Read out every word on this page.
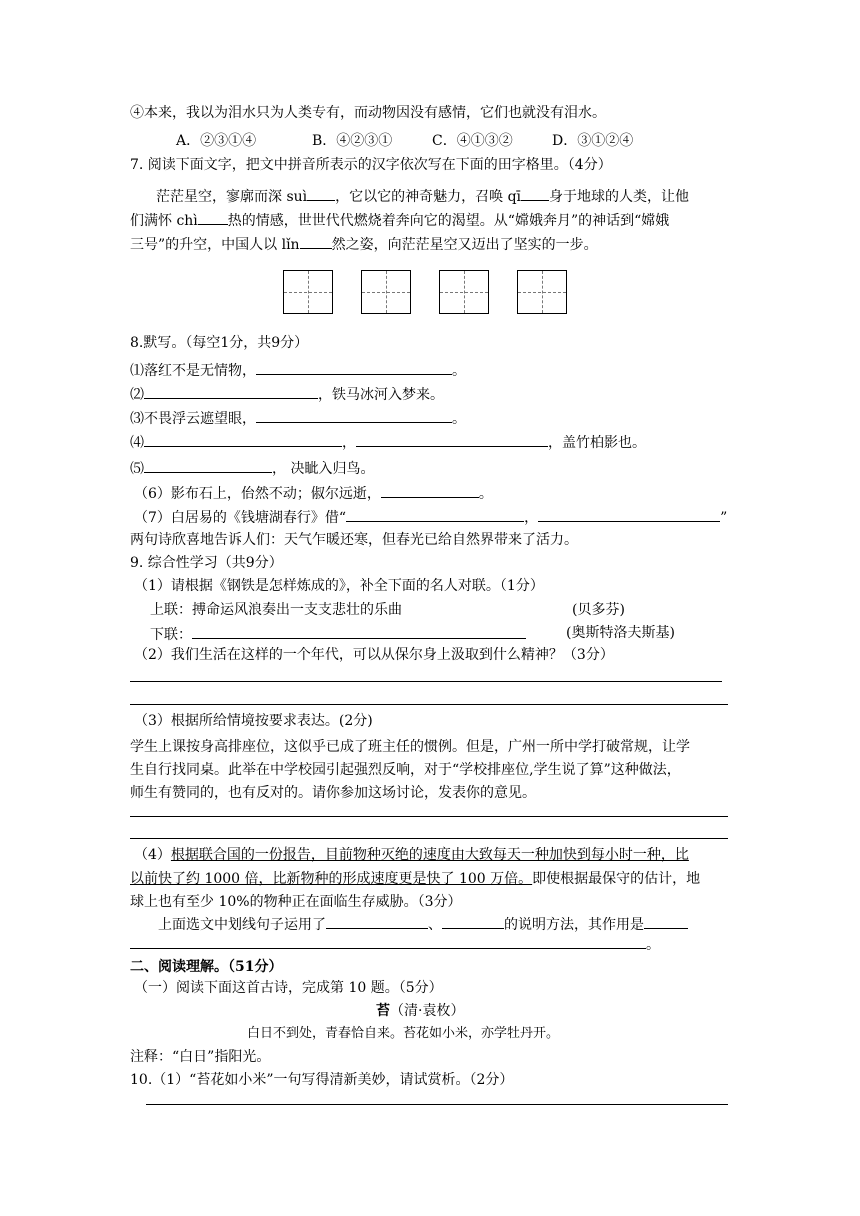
④本来，我以为泪水只为人类专有，而动物因没有感情，它们也就没有泪水。
A．②③①④	B．④②③①	C．④①③②	D．③①②④
7. 阅读下面文字，把文中拼音所表示的汉字依次写在下面的田字格里。（4分）
茫茫星空，寥廓而深 suì ，它以它的神奇魅力，召唤 qī 身于地球的人类，让他
们满怀 chì 热的情感，世世代代燃烧着奔向它的渴望。从“嫦娥奔月”的神话到“嫦娥
三号”的升空，中国人以 lǐn 然之姿，向茫茫星空又迈出了坚实的一步。
8.默写。（每空1分，共9分）
⑴落红不是无情物，	。
⑵	，铁马冰河入梦来。
⑶不畏浮云遮望眼，	。
⑷	，	，盖竹柏影也。
⑸	， 决眦入归鸟。
（6）影布石上，佁然不动；俶尔远逝，	。
（7）白居易的《钱塘湖春行》借“	，	”
两句诗欣喜地告诉人们：天气乍暖还寒，但春光已给自然界带来了活力。
9. 综合性学习（共9分）
（1）请根据《钢铁是怎样炼成的》，补全下面的名人对联。（1分）
上联：搏命运风浪奏出一支支悲壮的乐曲	(贝多芬)
下联：	(奥斯特洛夫斯基)
（2）我们生活在这样的一个年代，可以从保尔身上汲取到什么精神？（3分）
（3）根据所给情境按要求表达。(2分)
学生上课按身高排座位，这似乎已成了班主任的惯例。但是，广州一所中学打破常规，让学
生自行找同桌。此举在中学校园引起强烈反响，对于“学校排座位,学生说了算”这种做法，
师生有赞同的，也有反对的。请你参加这场讨论，发表你的意见。
（4）根据联合国的一份报告，目前物种灭绝的速度由大致每天一种加快到每小时一种，比
以前快了约 1000 倍，比新物种的形成速度更是快了 100 万倍。即使根据最保守的估计，地
球上也有至少 10%的物种正在面临生存威胁。（3分）
上面选文中划线句子运用了	、	的说明方法，其作用是
。
二、阅读理解。（51分）
（一）阅读下面这首古诗，完成第 10 题。（5分）
苔（清·袁枚）
白日不到处，青春恰自来。苔花如小米，亦学牡丹开。
注释：“白日”指阳光。
10.（1）“苔花如小米”一句写得清新美妙，请试赏析。（2分）
